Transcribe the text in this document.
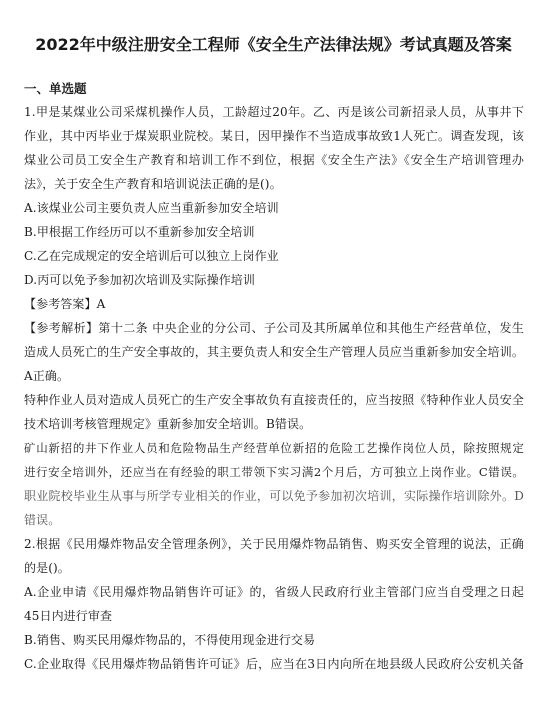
2022年中级注册安全工程师《安全生产法律法规》考试真题及答案
一、单选题
1.甲是某煤业公司采煤机操作人员，工龄超过20年。乙、丙是该公司新招录人员，从事井下
作业，其中丙毕业于煤炭职业院校。某日，因甲操作不当造成事故致1人死亡。调查发现，该
煤业公司员工安全生产教育和培训工作不到位，根据《安全生产法》《安全生产培训管理办
法》，关于安全生产教育和培训说法正确的是()。
A.该煤业公司主要负责人应当重新参加安全培训
B.甲根据工作经历可以不重新参加安全培训
C.乙在完成规定的安全培训后可以独立上岗作业
D.丙可以免予参加初次培训及实际操作培训
【参考答案】A
【参考解析】第十二条 中央企业的分公司、子公司及其所属单位和其他生产经营单位，发生
造成人员死亡的生产安全事故的，其主要负责人和安全生产管理人员应当重新参加安全培训。
A正确。
特种作业人员对造成人员死亡的生产安全事故负有直接责任的，应当按照《特种作业人员安全
技术培训考核管理规定》重新参加安全培训。B错误。
矿山新招的井下作业人员和危险物品生产经营单位新招的危险工艺操作岗位人员，除按照规定
进行安全培训外，还应当在有经验的职工带领下实习满2个月后，方可独立上岗作业。C错误。
职业院校毕业生从事与所学专业相关的作业，可以免予参加初次培训，实际操作培训除外。D
错误。
2.根据《民用爆炸物品安全管理条例》，关于民用爆炸物品销售、购买安全管理的说法，正确
的是()。
A.企业申请《民用爆炸物品销售许可证》的，省级人民政府行业主管部门应当自受理之日起
45日内进行审查
B.销售、购买民用爆炸物品的，不得使用现金进行交易
C.企业取得《民用爆炸物品销售许可证》后，应当在3日内向所在地县级人民政府公安机关备
